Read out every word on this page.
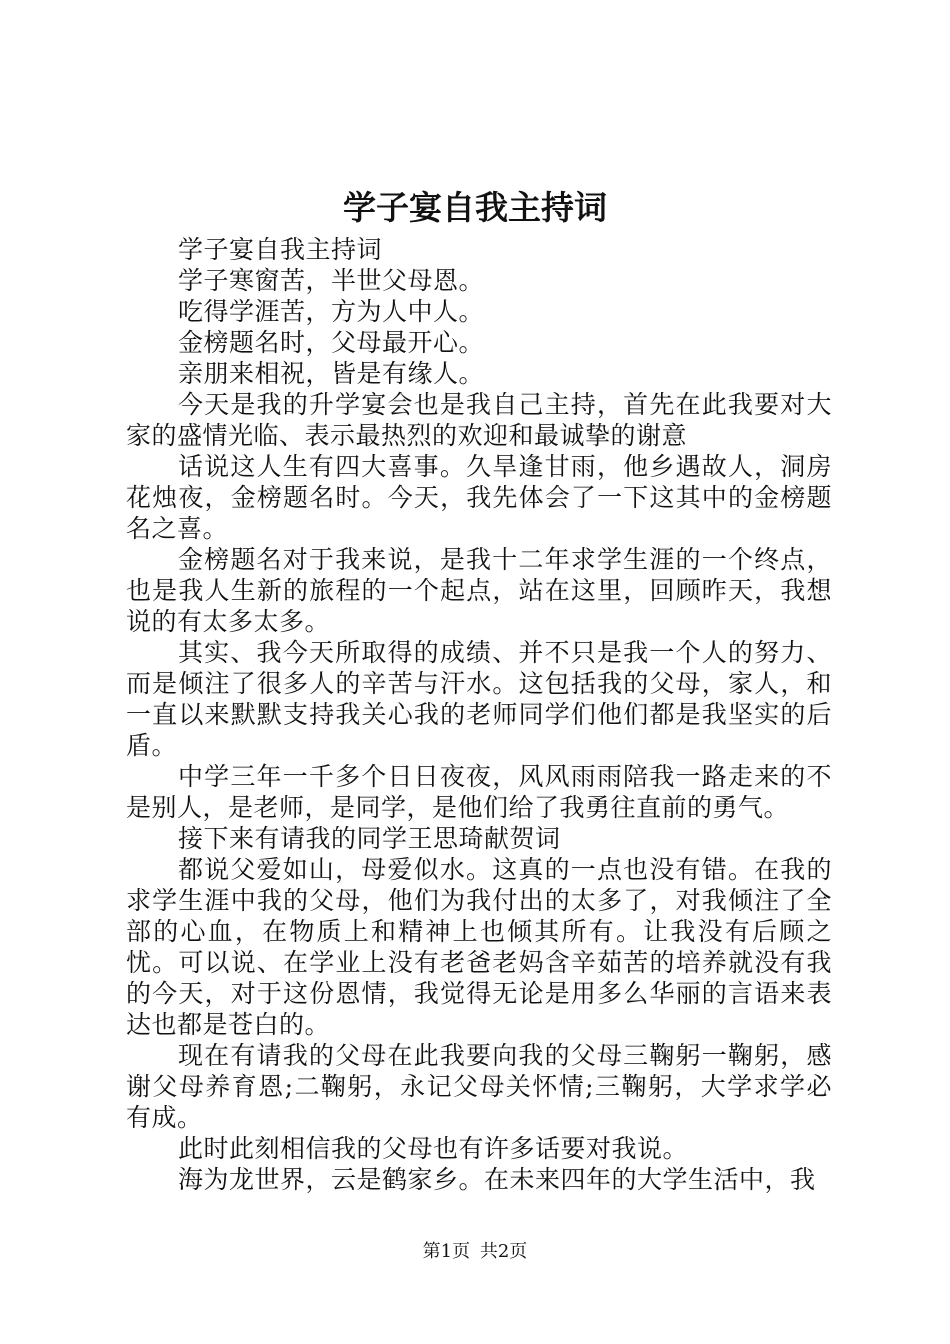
学子宴自我主持词

学子宴自我主持词

学子寒窗苦，半世父母恩。

吃得学涯苦，方为人中人。

金榜题名时，父母最开心。

亲朋来相祝，皆是有缘人。

今天是我的升学宴会也是我自己主持，首先在此我要对大家的盛情光临、表示最热烈的欢迎和最诚挚的谢意

话说这人生有四大喜事。久旱逢甘雨，他乡遇故人，洞房花烛夜，金榜题名时。今天，我先体会了一下这其中的金榜题名之喜。

金榜题名对于我来说，是我十二年求学生涯的一个终点，也是我人生新的旅程的一个起点，站在这里，回顾昨天，我想说的有太多太多。

其实、我今天所取得的成绩、并不只是我一个人的努力、而是倾注了很多人的辛苦与汗水。这包括我的父母，家人，和一直以来默默支持我关心我的老师同学们他们都是我坚实的后盾。

中学三年一千多个日日夜夜，风风雨雨陪我一路走来的不是别人，是老师，是同学，是他们给了我勇往直前的勇气。

接下来有请我的同学王思琦献贺词

都说父爱如山，母爱似水。这真的一点也没有错。在我的求学生涯中我的父母，他们为我付出的太多了，对我倾注了全部的心血，在物质上和精神上也倾其所有。让我没有后顾之忧。可以说、在学业上没有老爸老妈含辛茹苦的培养就没有我的今天，对于这份恩情，我觉得无论是用多么华丽的言语来表达也都是苍白的。

现在有请我的父母在此我要向我的父母三鞠躬一鞠躬，感谢父母养育恩;二鞠躬，永记父母关怀情;三鞠躬，大学求学必有成。

此时此刻相信我的父母也有许多话要对我说。

海为龙世界，云是鹤家乡。在未来四年的大学生活中，我

第1页 共2页
